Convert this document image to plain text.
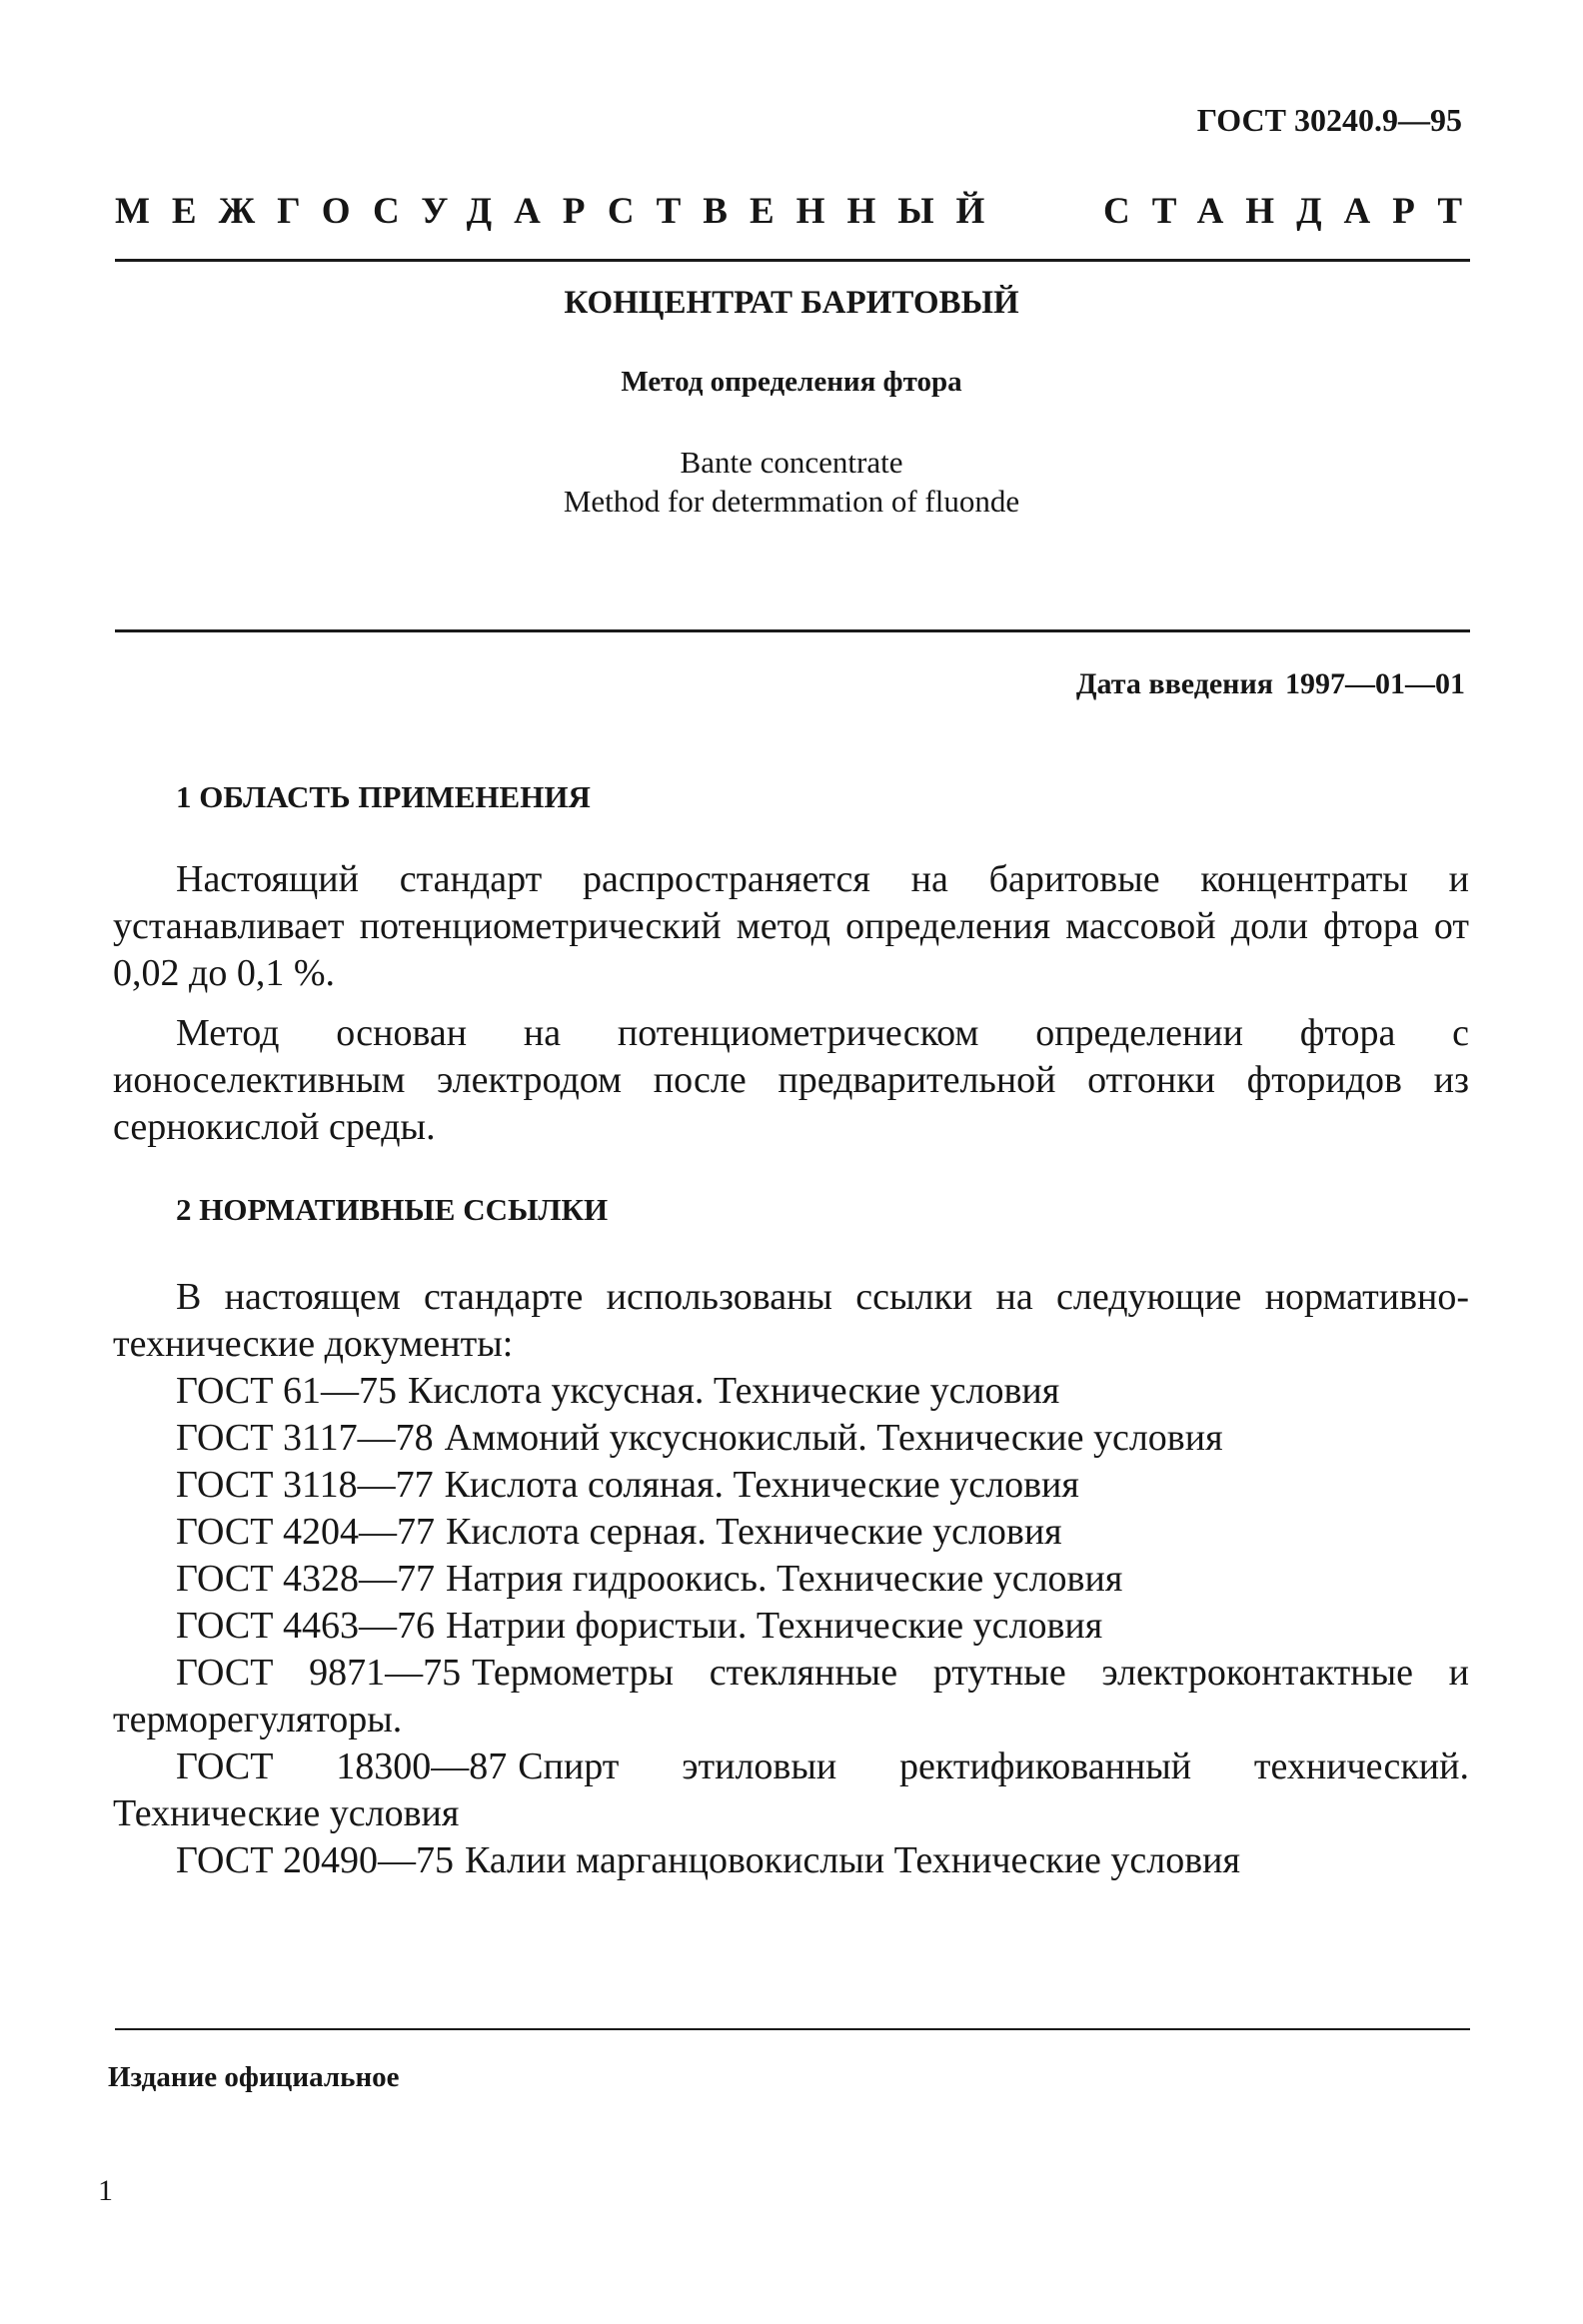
ГОСТ 30240.9—95
МЕЖГОСУДАРСТВЕННЫЙ	СТАНДАРТ
КОНЦЕНТРАТ БАРИТОВЫЙ
Метод определения фтора
Bante concentrate
Method for determmation of fluonde
Дата введения 1997—01—01
1 ОБЛАСТЬ ПРИМЕНЕНИЯ

Настоящий стандарт распространяется на баритовые концентраты и устанавливает потенциометрический метод определения массовой доли фтора от 0,02 до 0,1 %.

Метод основан на потенциометрическом определении фтора с ионоселективным электродом после предварительной отгонки фторидов из сернокислой среды.

2 НОРМАТИВНЫЕ ССЫЛКИ

В настоящем стандарте использованы ссылки на следующие нормативно-технические документы:

ГОСТ 61—75 Кислота уксусная. Технические условия
ГОСТ 3117—78 Аммоний уксуснокислый. Технические условия
ГОСТ 3118—77 Кислота соляная. Технические условия
ГОСТ 4204—77 Кислота серная. Технические условия
ГОСТ 4328—77 Натрия гидроокись. Технические условия
ГОСТ 4463—76 Натрии фористыи. Технические условия
ГОСТ 9871—75 Термометры стеклянные ртутные электроконтактные и терморегуляторы.
ГОСТ 18300—87 Спирт этиловыи ректификованный технический. Технические условия
ГОСТ 20490—75 Калии марганцовокислыи Технические условия
Издание официальное
1
